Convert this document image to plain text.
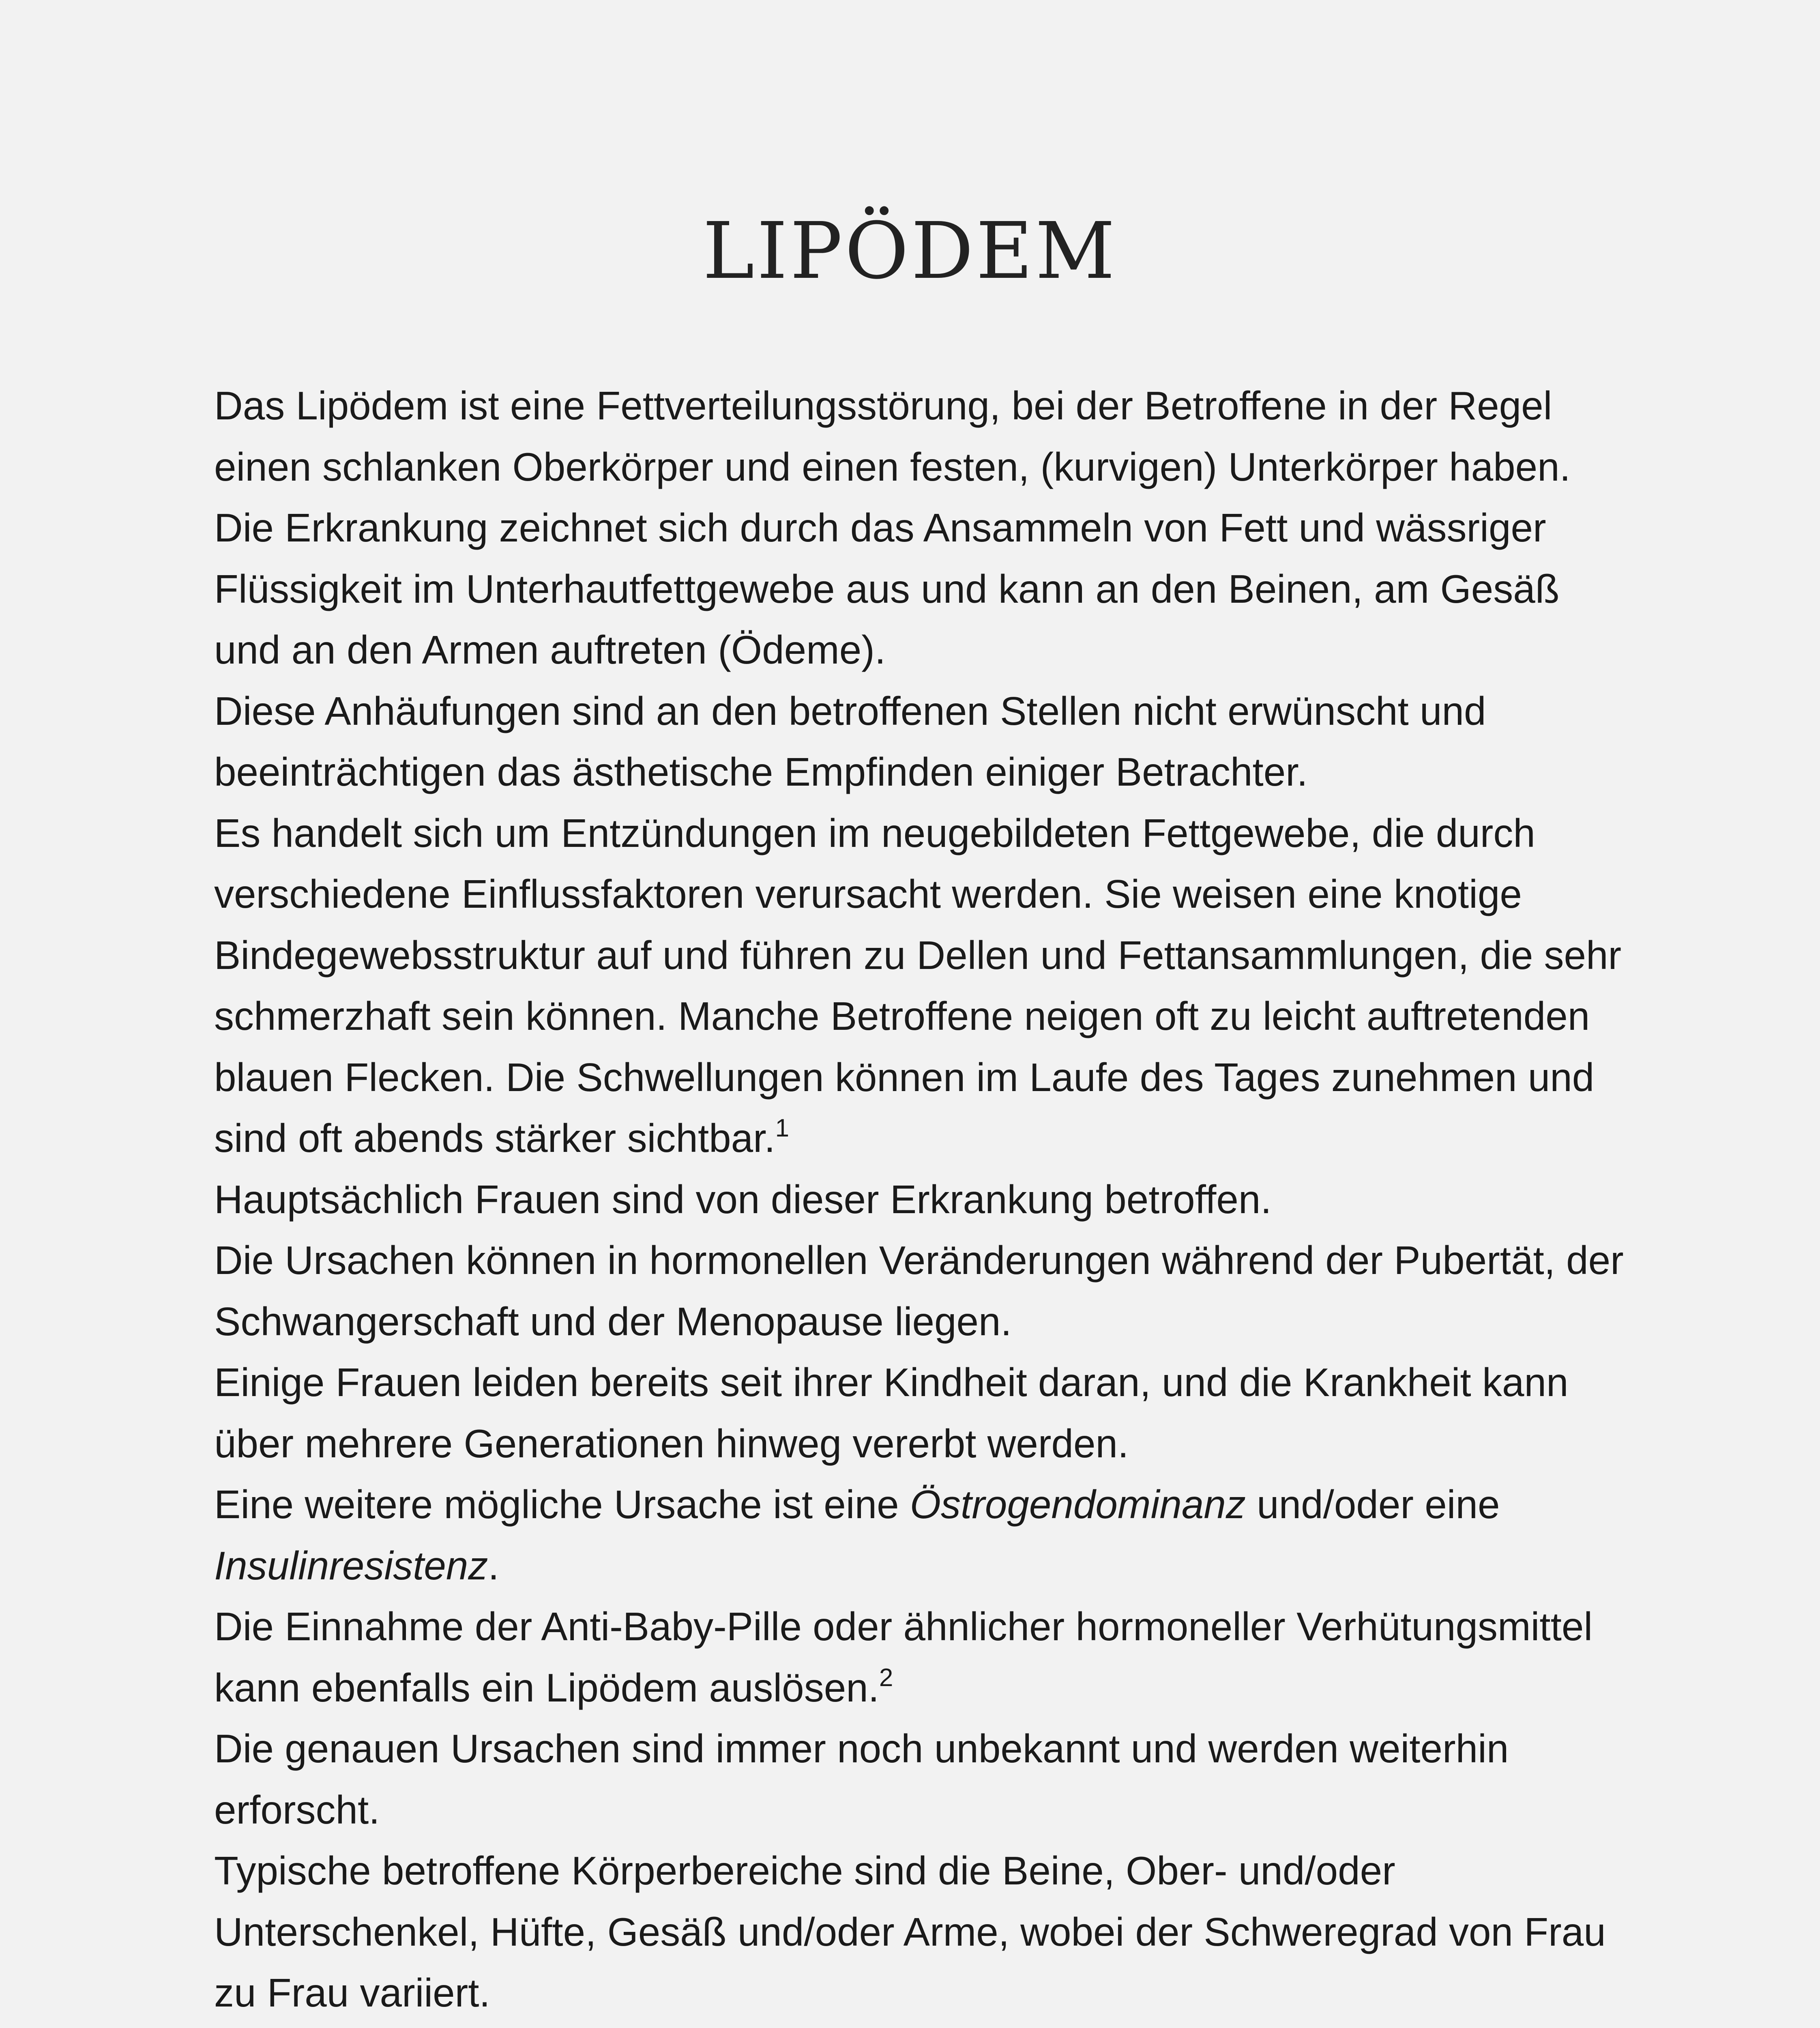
LIPÖDEM

Das Lipödem ist eine Fettverteilungsstörung, bei der Betroffene in der Regel einen schlanken Oberkörper und einen festen, (kurvigen) Unterkörper haben.

Die Erkrankung zeichnet sich durch das Ansammeln von Fett und wässriger Flüssigkeit im Unterhautfettgewebe aus und kann an den Beinen, am Gesäß und an den Armen auftreten (Ödeme).

Diese Anhäufungen sind an den betroffenen Stellen nicht erwünscht und beeinträchtigen das ästhetische Empfinden einiger Betrachter.

Es handelt sich um Entzündungen im neugebildeten Fettgewebe, die durch verschiedene Einflussfaktoren verursacht werden. Sie weisen eine knotige Bindegewebsstruktur auf und führen zu Dellen und Fettansammlungen, die sehr schmerzhaft sein können. Manche Betroffene neigen oft zu leicht auftretenden blauen Flecken. Die Schwellungen können im Laufe des Tages zunehmen und sind oft abends stärker sichtbar.$^1$

Hauptsächlich Frauen sind von dieser Erkrankung betroffen.

Die Ursachen können in hormonellen Veränderungen während der Pubertät, der Schwangerschaft und der Menopause liegen.

Einige Frauen leiden bereits seit ihrer Kindheit daran, und die Krankheit kann über mehrere Generationen hinweg vererbt werden.

Eine weitere mögliche Ursache ist eine Östrogendominanz und/oder eine Insulinresistenz.

Die Einnahme der Anti-Baby-Pille oder ähnlicher hormoneller Verhütungsmittel kann ebenfalls ein Lipödem auslösen.$^2$

Die genauen Ursachen sind immer noch unbekannt und werden weiterhin erforscht.

Typische betroffene Körperbereiche sind die Beine, Ober- und/oder Unterschenkel, Hüfte, Gesäß und/oder Arme, wobei der Schweregrad von Frau zu Frau variiert.
